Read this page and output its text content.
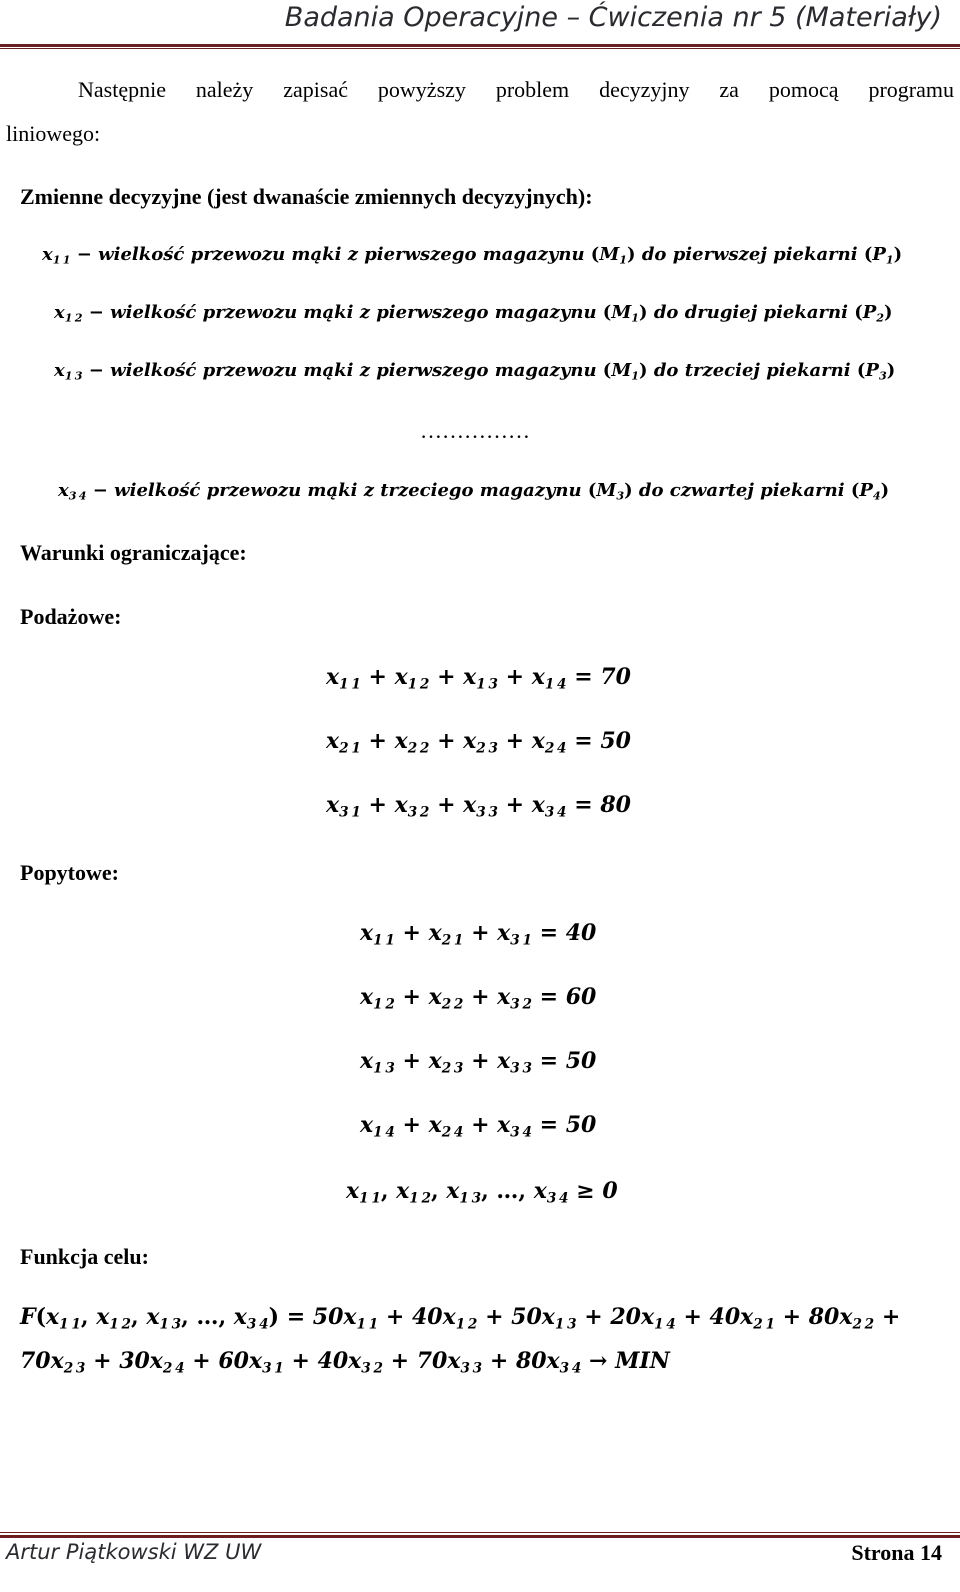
Badania Operacyjne – Ćwiczenia nr 5 (Materiały)
Następnie należy zapisać powyższy problem decyzyjny za pomocą programu
liniowego:
Zmienne decyzyjne (jest dwanaście zmiennych decyzyjnych):
$x_{1 1}$ − wielkość przewozu mąki z pierwszego magazynu $(M_1)$ do pierwszej piekarni $(P_1)$
$x_{1 2}$ − wielkość przewozu mąki z pierwszego magazynu $(M_1)$ do drugiej piekarni $(P_2)$
$x_{1 3}$ − wielkość przewozu mąki z pierwszego magazynu $(M_1)$ do trzeciej piekarni $(P_3)$
$x_{3 4}$ − wielkość przewozu mąki z trzeciego magazynu $(M_3)$ do czwartej piekarni $(P_4)$
……………
Warunki ograniczające:
Podażowe:
$x_{1 1} + x_{1 2} + x_{1 3} + x_{1 4} = 70$
$x_{2 1} + x_{2 2} + x_{2 3} + x_{2 4} = 50$
$x_{3 1} + x_{3 2} + x_{3 3} + x_{3 4} = 80$
Popytowe:
$x_{1 1} + x_{2 1} + x_{3 1} = 40$
$x_{1 2} + x_{2 2} + x_{3 2} = 60$
$x_{1 3} + x_{2 3} + x_{3 3} = 50$
$x_{1 4} + x_{2 4} + x_{3 4} = 50$
$x_{1 1}$, $x_{1 2}$, $x_{1 3}$, …, $x_{3 4} \ge 0$
Funkcja celu:
$F(x_{1 1}$, $x_{1 2}$, $x_{1 3}$, …, $x_{3 4}) = 50x_{1 1} + 40x_{1 2} + 50x_{1 3} + 20x_{1 4} + 40x_{2 1} + 80x_{2 2}$ +
$70x_{2 3} + 30x_{2 4} + 60x_{3 1} + 40x_{3 2} + 70x_{3 3} + 80x_{3 4}$ → MIN
Artur Piątkowski WZ UW	Strona 14
